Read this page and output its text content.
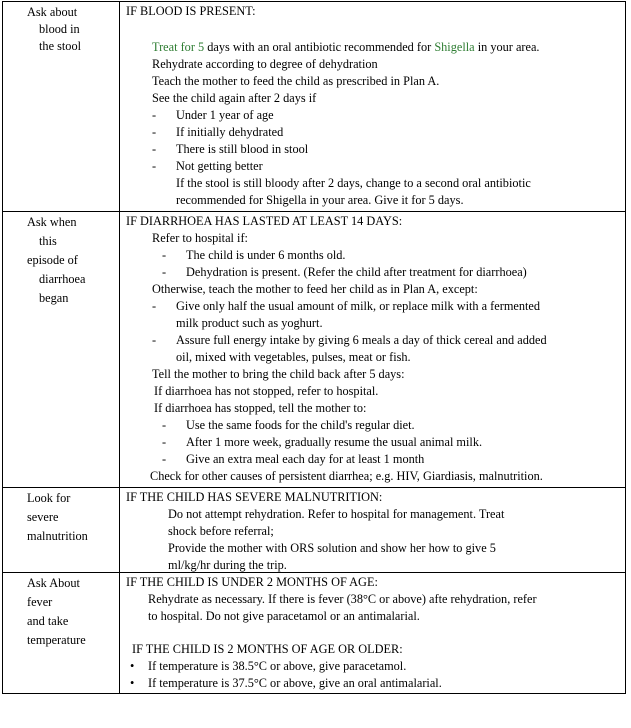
Ask about
blood in
the stool
IF BLOOD IS PRESENT:
Treat for 5 days with an oral antibiotic recommended for Shigella in your area.
Rehydrate according to degree of dehydration
Teach the mother to feed the child as prescribed in Plan A.
See the child again after 2 days if
- Under 1 year of age
- If initially dehydrated
- There is still blood in stool
- Not getting better
If the stool is still bloody after 2 days, change to a second oral antibiotic
recommended for Shigella in your area. Give it for 5 days.
Ask when
this
episode of
diarrhoea
began
IF DIARRHOEA HAS LASTED AT LEAST 14 DAYS:
Refer to hospital if:
- The child is under 6 months old.
- Dehydration is present. (Refer the child after treatment for diarrhoea)
Otherwise, teach the mother to feed her child as in Plan A, except:
- Give only half the usual amount of milk, or replace milk with a fermented
milk product such as yoghurt.
- Assure full energy intake by giving 6 meals a day of thick cereal and added
oil, mixed with vegetables, pulses, meat or fish.
Tell the mother to bring the child back after 5 days:
If diarrhoea has not stopped, refer to hospital.
If diarrhoea has stopped, tell the mother to:
- Use the same foods for the child's regular diet.
- After 1 more week, gradually resume the usual animal milk.
- Give an extra meal each day for at least 1 month
Check for other causes of persistent diarrhea; e.g. HIV, Giardiasis, malnutrition.
Look for
severe
malnutrition
IF THE CHILD HAS SEVERE MALNUTRITION:
Do not attempt rehydration. Refer to hospital for management. Treat
shock before referral;
Provide the mother with ORS solution and show her how to give 5
ml/kg/hr during the trip.
Ask About
fever
and take
temperature
IF THE CHILD IS UNDER 2 MONTHS OF AGE:
Rehydrate as necessary. If there is fever (38°C or above) afte rehydration, refer
to hospital. Do not give paracetamol or an antimalarial.
IF THE CHILD IS 2 MONTHS OF AGE OR OLDER:
• If temperature is 38.5°C or above, give paracetamol.
• If temperature is 37.5°C or above, give an oral antimalarial.
